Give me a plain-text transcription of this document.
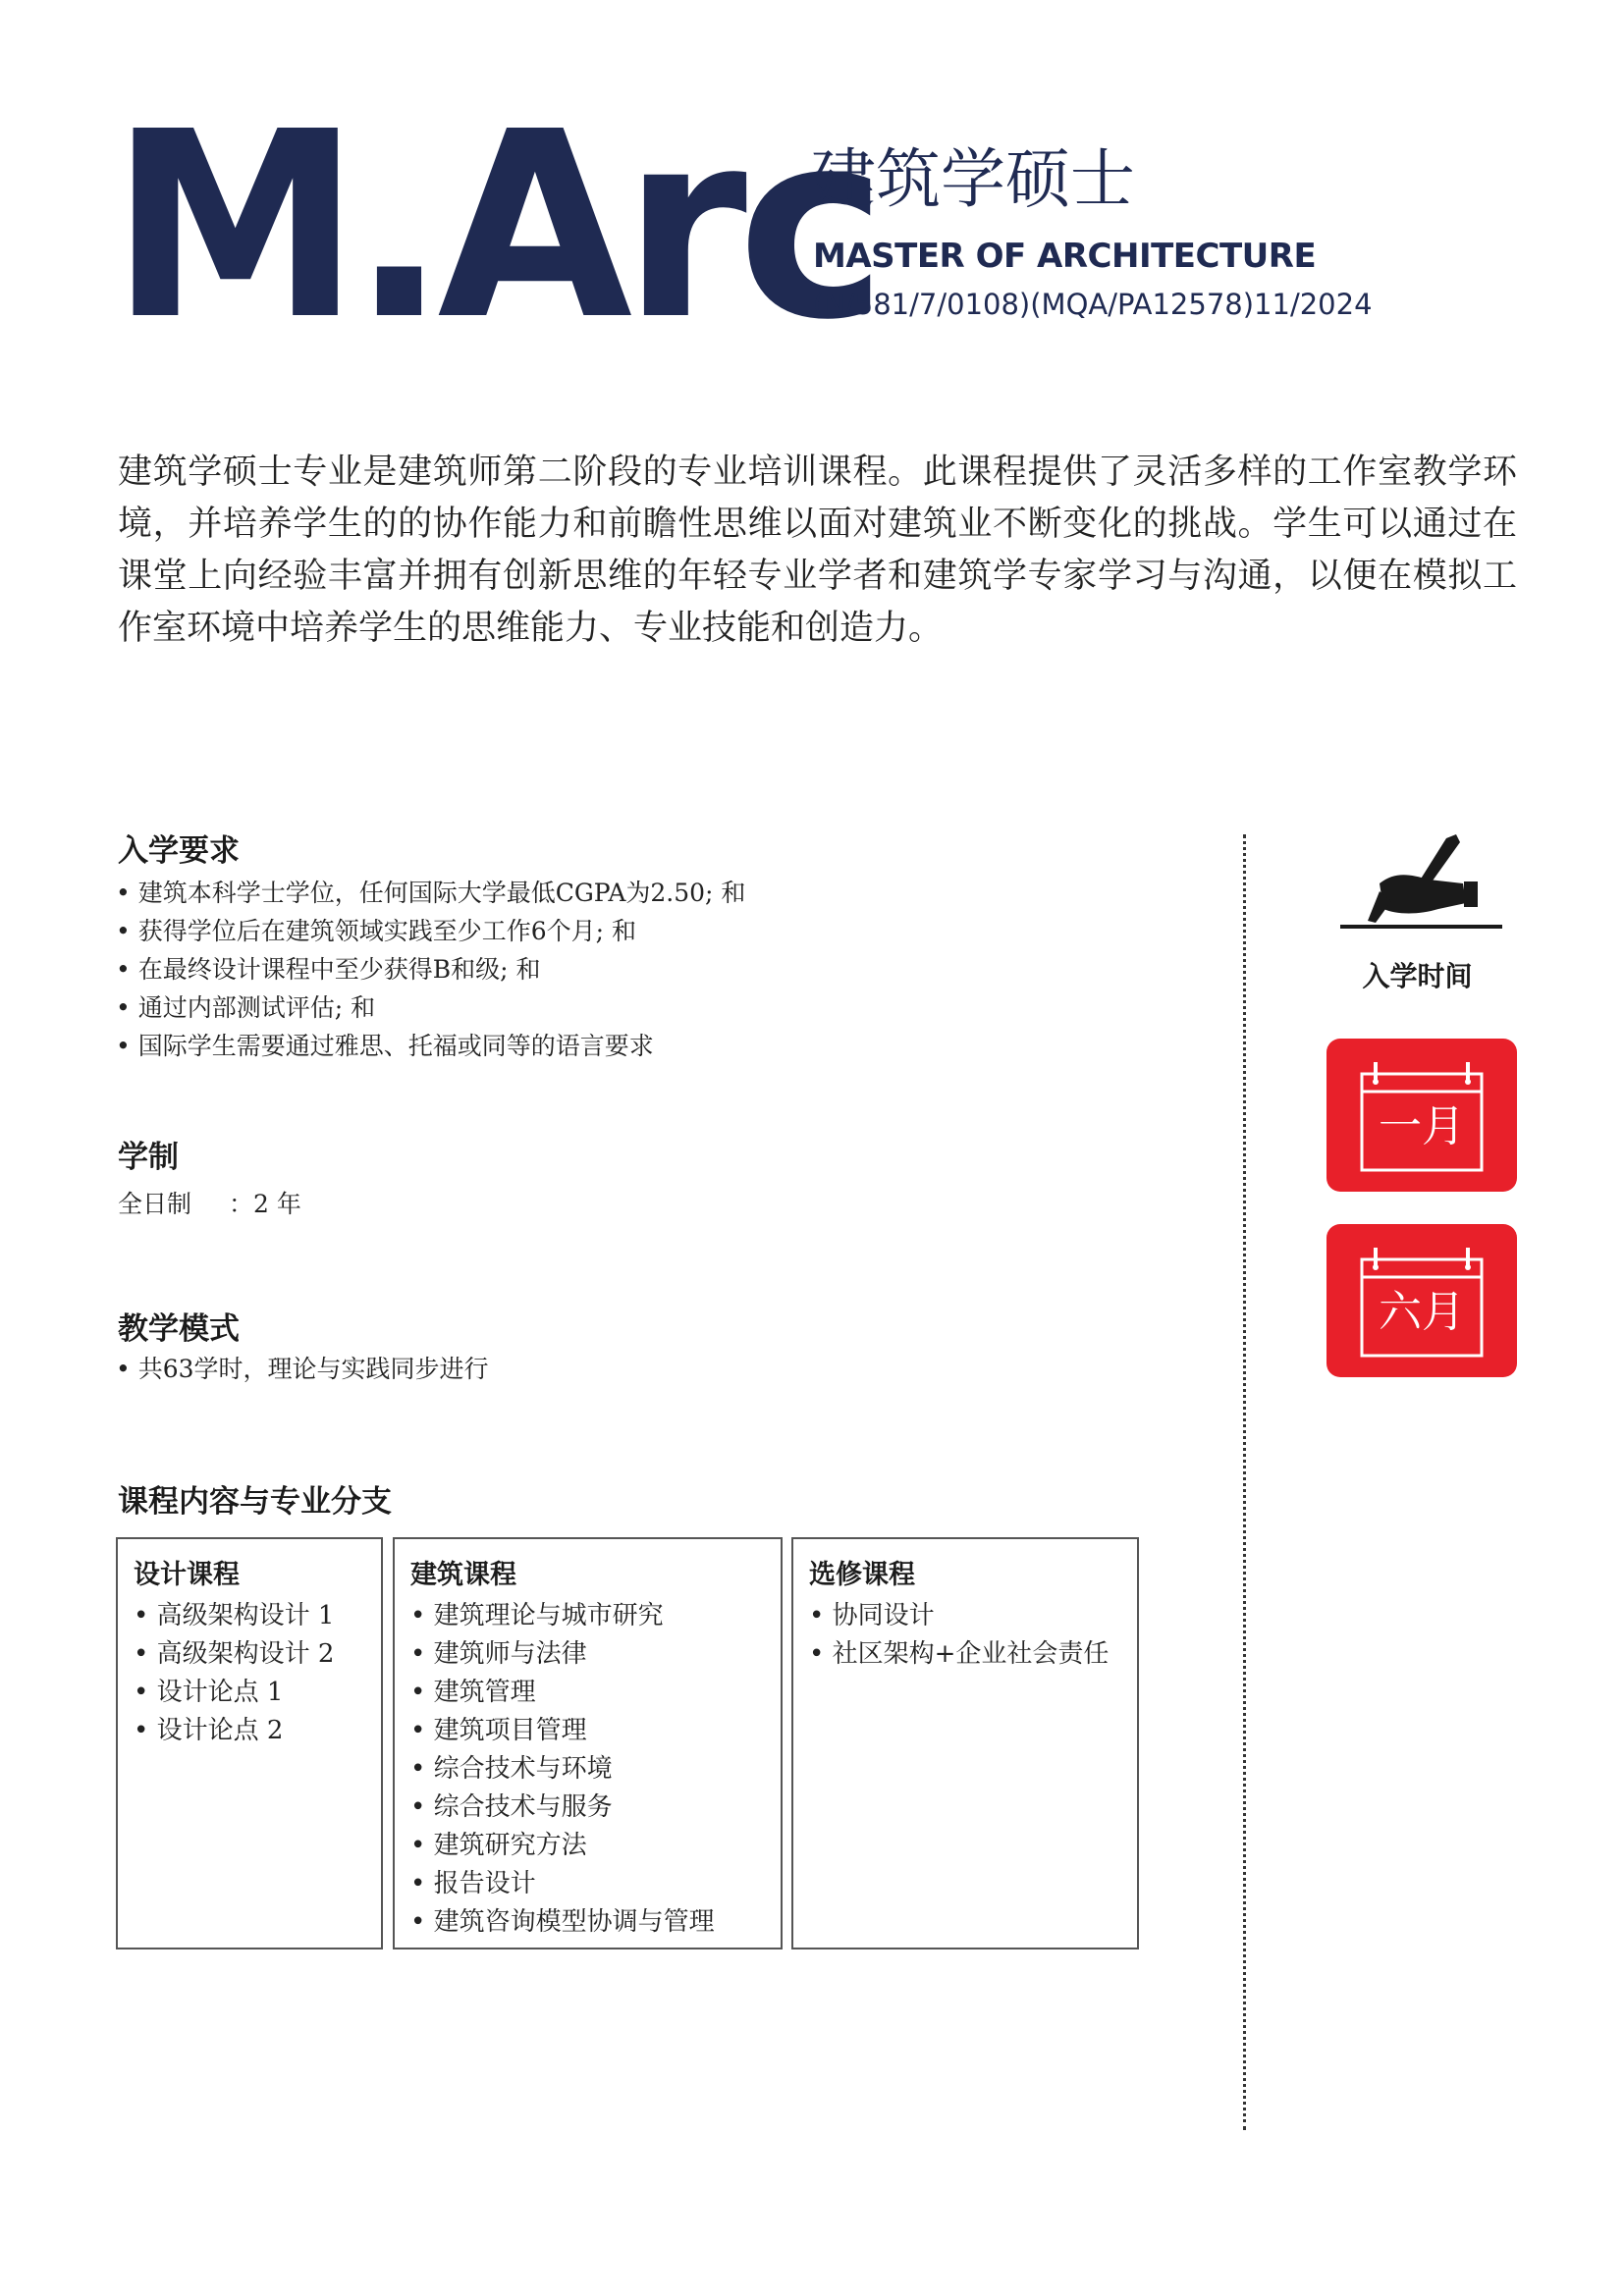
M.Arc
建筑学硕士
MASTER OF ARCHITECTURE
(N/581/7/0108)(MQA/PA12578)11/2024
建筑学硕士专业是建筑师第二阶段的专业培训课程。此课程提供了灵活多样的工作室教学环境，并培养学生的的协作能力和前瞻性思维以面对建筑业不断变化的挑战。学生可以通过在课堂上向经验丰富并拥有创新思维的年轻专业学者和建筑学专家学习与沟通，以便在模拟工作室环境中培养学生的思维能力、专业技能和创造力。
入学要求
• 建筑本科学士学位，任何国际大学最低CGPA为2.50; 和
• 获得学位后在建筑领域实践至少工作6个月; 和
• 在最终设计课程中至少获得B和级; 和
• 通过内部测试评估; 和
• 国际学生需要通过雅思、托福或同等的语言要求
学制
全日制 ：2 年
教学模式
• 共63学时，理论与实践同步进行
课程内容与专业分支
设计课程
• 高级架构设计 1
• 高级架构设计 2
• 设计论点 1
• 设计论点 2
建筑课程
• 建筑理论与城市研究
• 建筑师与法律
• 建筑管理
• 建筑项目管理
• 综合技术与环境
• 综合技术与服务
• 建筑研究方法
• 报告设计
• 建筑咨询模型协调与管理
选修课程
• 协同设计
• 社区架构+企业社会责任
入学时间
一月
六月
